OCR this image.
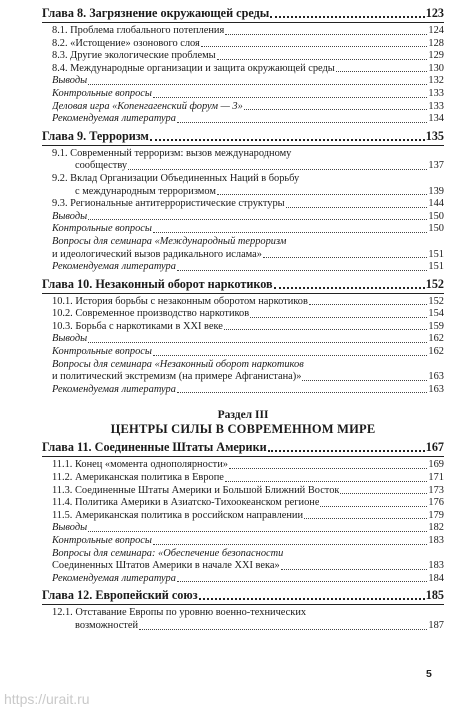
Глава 8. Загрязнение окружающей среды	123
8.1. Проблема глобального потепления	124
8.2. «Истощение» озонового слоя	128
8.3. Другие экологические проблемы	129
8.4. Международные организации и защита окружающей среды	130
Выводы	132
Контрольные вопросы	133
Деловая игра «Копенгагенский форум — 3»	133
Рекомендуемая литература	134
Глава 9. Терроризм	135
9.1. Современный терроризм: вызов международному
сообществу	137
9.2. Вклад Организации Объединенных Наций в борьбу
с международным терроризмом	139
9.3. Региональные антитеррористические структуры	144
Выводы	150
Контрольные вопросы	150
Вопросы для семинара «Международный терроризм
и идеологический вызов радикального ислама»	151
Рекомендуемая литература	151
Глава 10. Незаконный оборот наркотиков	152
10.1. История борьбы с незаконным оборотом наркотиков	152
10.2. Современное производство наркотиков	154
10.3. Борьба с наркотиками в XXI веке	159
Выводы	162
Контрольные вопросы	162
Вопросы для семинара «Незаконный оборот наркотиков
и политический экстремизм (на примере Афганистана)»	163
Рекомендуемая литература	163
Раздел III
ЦЕНТРЫ СИЛЫ В СОВРЕМЕННОМ МИРЕ
Глава 11. Соединенные Штаты Америки	167
11.1. Конец «момента однополярности»	169
11.2. Американская политика в Европе	171
11.3. Соединенные Штаты Америки и Большой Ближний Восток	173
11.4. Политика Америки в Азиатско-Тихоокеанском регионе	176
11.5. Американская политика в российском направлении	179
Выводы	182
Контрольные вопросы	183
Вопросы для семинара: «Обеспечение безопасности
Соединенных Штатов Америки в начале XXI века»	183
Рекомендуемая литература	184
Глава 12. Европейский союз	185
12.1. Отставание Европы по уровню военно-технических
возможностей	187
5
https://urait.ru
